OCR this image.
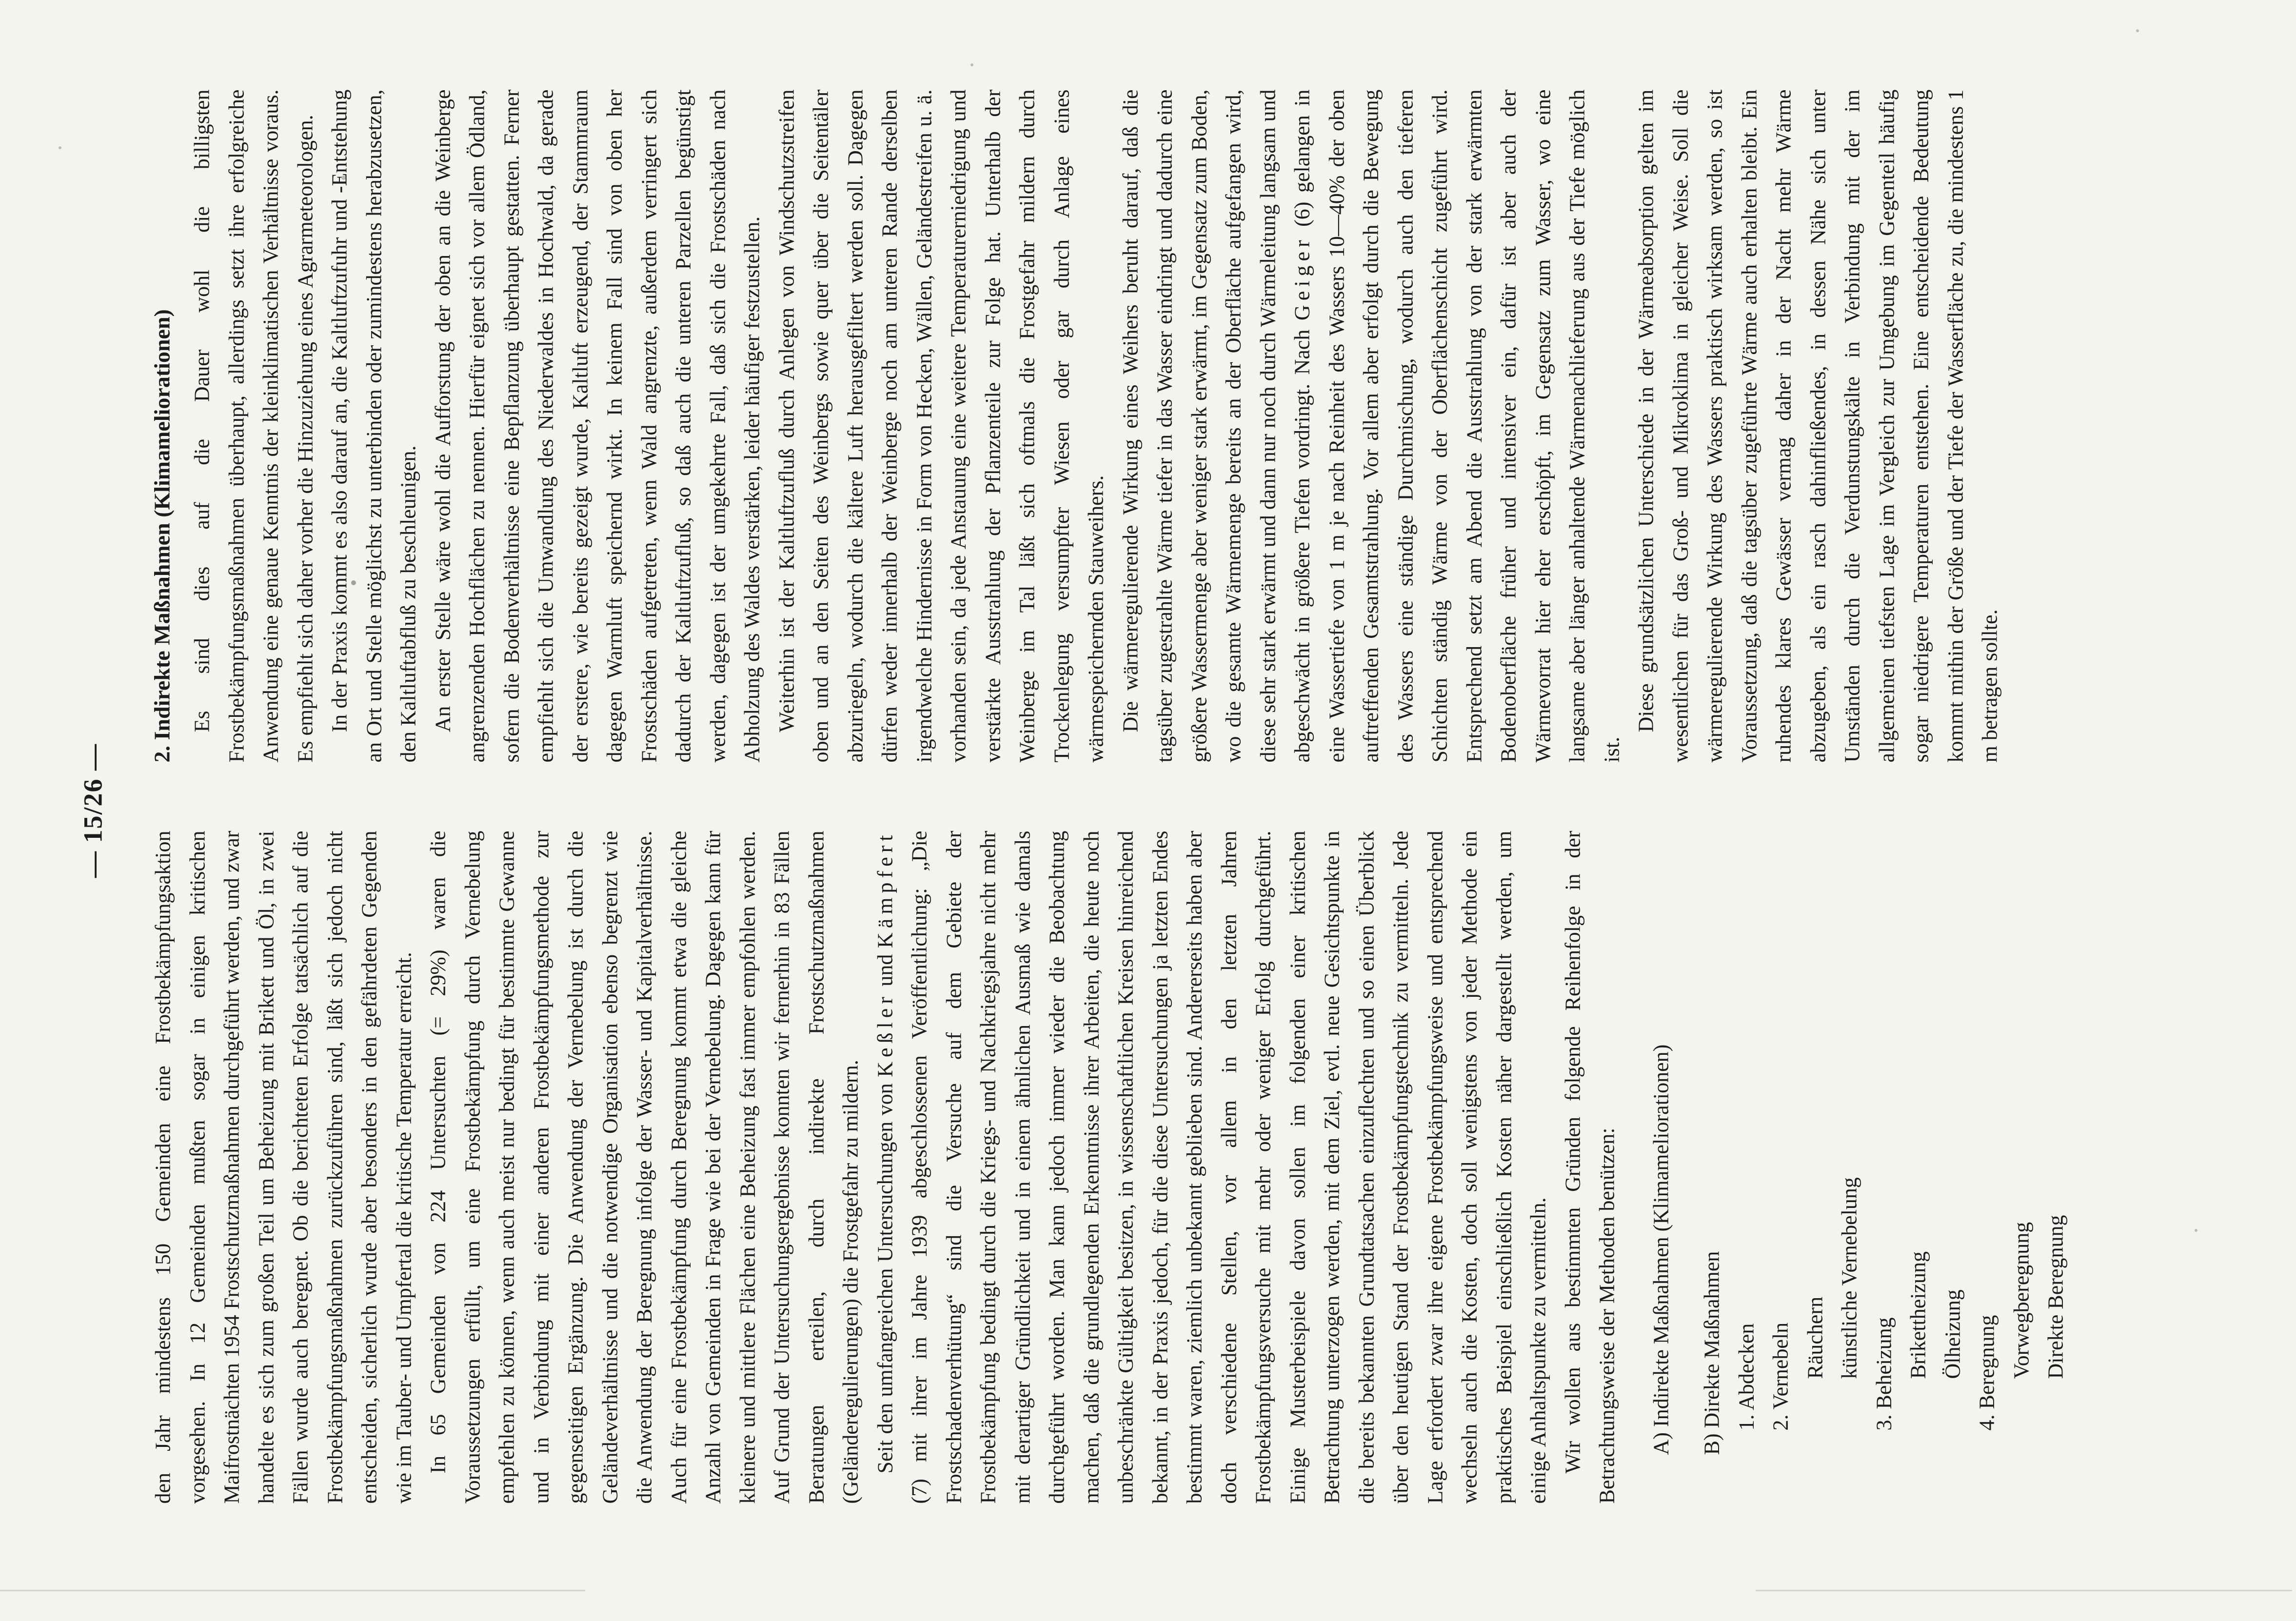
— 15/26 —

den Jahr mindestens 150 Gemeinden eine Frostbekämpfungsaktion vorgesehen. In 12 Gemeinden mußten sogar in einigen kritischen Maifrostnächten 1954 Frostschutzmaßnahmen durchgeführt werden, und zwar handelte es sich zum großen Teil um Beheizung mit Brikett und Öl, in zwei Fällen wurde auch beregnet. Ob die berichteten Erfolge tatsächlich auf die Frostbekämpfungsmaßnahmen zurückzuführen sind, läßt sich jedoch nicht entscheiden, sicherlich wurde aber besonders in den gefährdeten Gegenden wie im Tauber- und Umpfertal die kritische Temperatur erreicht. In 65 Gemeinden von 224 Untersuchten (= 29%) waren die Voraussetzungen erfüllt, um eine Frostbekämpfung durch Vernebelung empfehlen zu können, wenn auch meist nur bedingt für bestimmte Gewanne und in Verbindung mit einer anderen Frostbekämpfungsmethode zur gegenseitigen Ergänzung. Die Anwendung der Vernebelung ist durch die Geländeverhältnisse und die notwendige Organisation ebenso begrenzt wie die Anwendung der Beregnung infolge der Wasser- und Kapitalverhältnisse. Auch für eine Frostbekämpfung durch Beregnung kommt etwa die gleiche Anzahl von Gemeinden in Frage wie bei der Vernebelung. Dagegen kann für kleinere und mittlere Flächen eine Beheizung fast immer empfohlen werden. Auf Grund der Untersuchungsergebnisse konnten wir fernerhin in 83 Fällen Beratungen erteilen, durch indirekte Frostschutzmaßnahmen (Geländeregulierungen) die Frostgefahr zu mildern. Seit den umfangreichen Untersuchungen von Keßler und Kämpfert (7) mit ihrer im Jahre 1939 abgeschlossenen Veröffentlichung: „Die Frostschadenverhütung“ sind die Versuche auf dem Gebiete der Frostbekämpfung bedingt durch die Kriegs- und Nachkriegsjahre nicht mehr mit derartiger Gründlichkeit und in einem ähnlichen Ausmaß wie damals durchgeführt worden. Man kann jedoch immer wieder die Beobachtung machen, daß die grundlegenden Erkenntnisse ihrer Arbeiten, die heute noch unbeschränkte Gültigkeit besitzen, in wissenschaftlichen Kreisen hinreichend bekannt, in der Praxis jedoch, für die diese Untersuchungen ja letzten Endes bestimmt waren, ziemlich unbekannt geblieben sind. Andererseits haben aber doch verschiedene Stellen, vor allem in den letzten Jahren Frostbekämpfungsversuche mit mehr oder weniger Erfolg durchgeführt. Einige Musterbeispiele davon sollen im folgenden einer kritischen Betrachtung unterzogen werden, mit dem Ziel, evtl. neue Gesichtspunkte in die bereits bekannten Grundtatsachen einzuflechten und so einen Überblick über den heutigen Stand der Frostbekämpfungstechnik zu vermitteln. Jede Lage erfordert zwar ihre eigene Frostbekämpfungsweise und entsprechend wechseln auch die Kosten, doch soll wenigstens von jeder Methode ein praktisches Beispiel einschließlich Kosten näher dargestellt werden, um einige Anhaltspunkte zu vermitteln. Wir wollen aus bestimmten Gründen folgende Reihenfolge in der Betrachtungsweise der Methoden benützen: A) Indirekte Maßnahmen (Klimameliorationen) B) Direkte Maßnahmen 1. Abdecken 2. Vernebeln Räuchern künstliche Vernebelung 3. Beheizung Brikettheizung Ölheizung 4. Beregnung Vorwegberegnung Direkte Beregnung
2. Indirekte Maßnahmen (Klimameliorationen) Es sind dies auf die Dauer wohl die billigsten Frostbekämpfungsmaßnahmen überhaupt, allerdings setzt ihre erfolgreiche Anwendung eine genaue Kenntnis der kleinklimatischen Verhältnisse voraus. Es empfiehlt sich daher vorher die Hinzuziehung eines Agrarmeteorologen. In der Praxis kommt es also darauf an, die Kaltluftzufuhr und -Entstehung an Ort und Stelle möglichst zu unterbinden oder zumindestens herabzusetzen, den Kaltluftabfluß zu beschleunigen. An erster Stelle wäre wohl die Aufforstung der oben an die Weinberge angrenzenden Hochflächen zu nennen. Hierfür eignet sich vor allem Ödland, sofern die Bodenverhältnisse eine Bepflanzung überhaupt gestatten. Ferner empfiehlt sich die Umwandlung des Niederwaldes in Hochwald, da gerade der erstere, wie bereits gezeigt wurde, Kaltluft erzeugend, der Stammraum dagegen Warmluft speichernd wirkt. In keinem Fall sind von oben her Frostschäden aufgetreten, wenn Wald angrenzte, außerdem verringert sich dadurch der Kaltluftzufluß, so daß auch die unteren Parzellen begünstigt werden, dagegen ist der umgekehrte Fall, daß sich die Frostschäden nach Abholzung des Waldes verstärken, leider häufiger festzustellen. Weiterhin ist der Kaltluftzufluß durch Anlegen von Windschutzstreifen oben und an den Seiten des Weinbergs sowie quer über die Seitentäler abzuriegeln, wodurch die kältere Luft herausgefiltert werden soll. Dagegen dürfen weder innerhalb der Weinberge noch am unteren Rande derselben irgendwelche Hindernisse in Form von Hecken, Wällen, Geländestreifen u. ä. vorhanden sein, da jede Anstauung eine weitere Temperaturerniedrigung und verstärkte Ausstrahlung der Pflanzenteile zur Folge hat. Unterhalb der Weinberge im Tal läßt sich oftmals die Frostgefahr mildern durch Trockenlegung versumpfter Wiesen oder gar durch Anlage eines wärmespeichernden Stauweihers. Die wärmeregulierende Wirkung eines Weihers beruht darauf, daß die tagsüber zugestrahlte Wärme tiefer in das Wasser eindringt und dadurch eine größere Wassermenge aber weniger stark erwärmt, im Gegensatz zum Boden, wo die gesamte Wärmemenge bereits an der Oberfläche aufgefangen wird, diese sehr stark erwärmt und dann nur noch durch Wärmeleitung langsam und abgeschwächt in größere Tiefen vordringt. Nach Geiger (6) gelangen in eine Wassertiefe von 1 m je nach Reinheit des Wassers 10—40% der oben auftreffenden Gesamtstrahlung. Vor allem aber erfolgt durch die Bewegung des Wassers eine ständige Durchmischung, wodurch auch den tieferen Schichten ständig Wärme von der Oberflächenschicht zugeführt wird. Entsprechend setzt am Abend die Ausstrahlung von der stark erwärmten Bodenoberfläche früher und intensiver ein, dafür ist aber auch der Wärmevorrat hier eher erschöpft, im Gegensatz zum Wasser, wo eine langsame aber länger anhaltende Wärmenachlieferung aus der Tiefe möglich ist.

Diese grundsätzlichen Unterschiede in der Wärmeabsorption gelten im wesentlichen für das Groß- und Mikroklima in gleicher Weise. Soll die wärmeregulierende Wirkung des Wassers praktisch wirksam werden, so ist Voraussetzung, daß die tagsüber zugeführte Wärme auch erhalten bleibt. Ein ruhendes klares Gewässer vermag daher in der Nacht mehr Wärme abzugeben, als ein rasch dahinfließendes, in dessen Nähe sich unter Umständen durch die Verdunstungskälte in Verbindung mit der im allgemeinen tiefsten Lage im Vergleich zur Umgebung im Gegenteil häufig sogar niedrigere Temperaturen entstehen. Eine entscheidende Bedeutung kommt mithin der Größe und der Tiefe der Wasserfläche zu, die mindestens 1 m betragen sollte.
